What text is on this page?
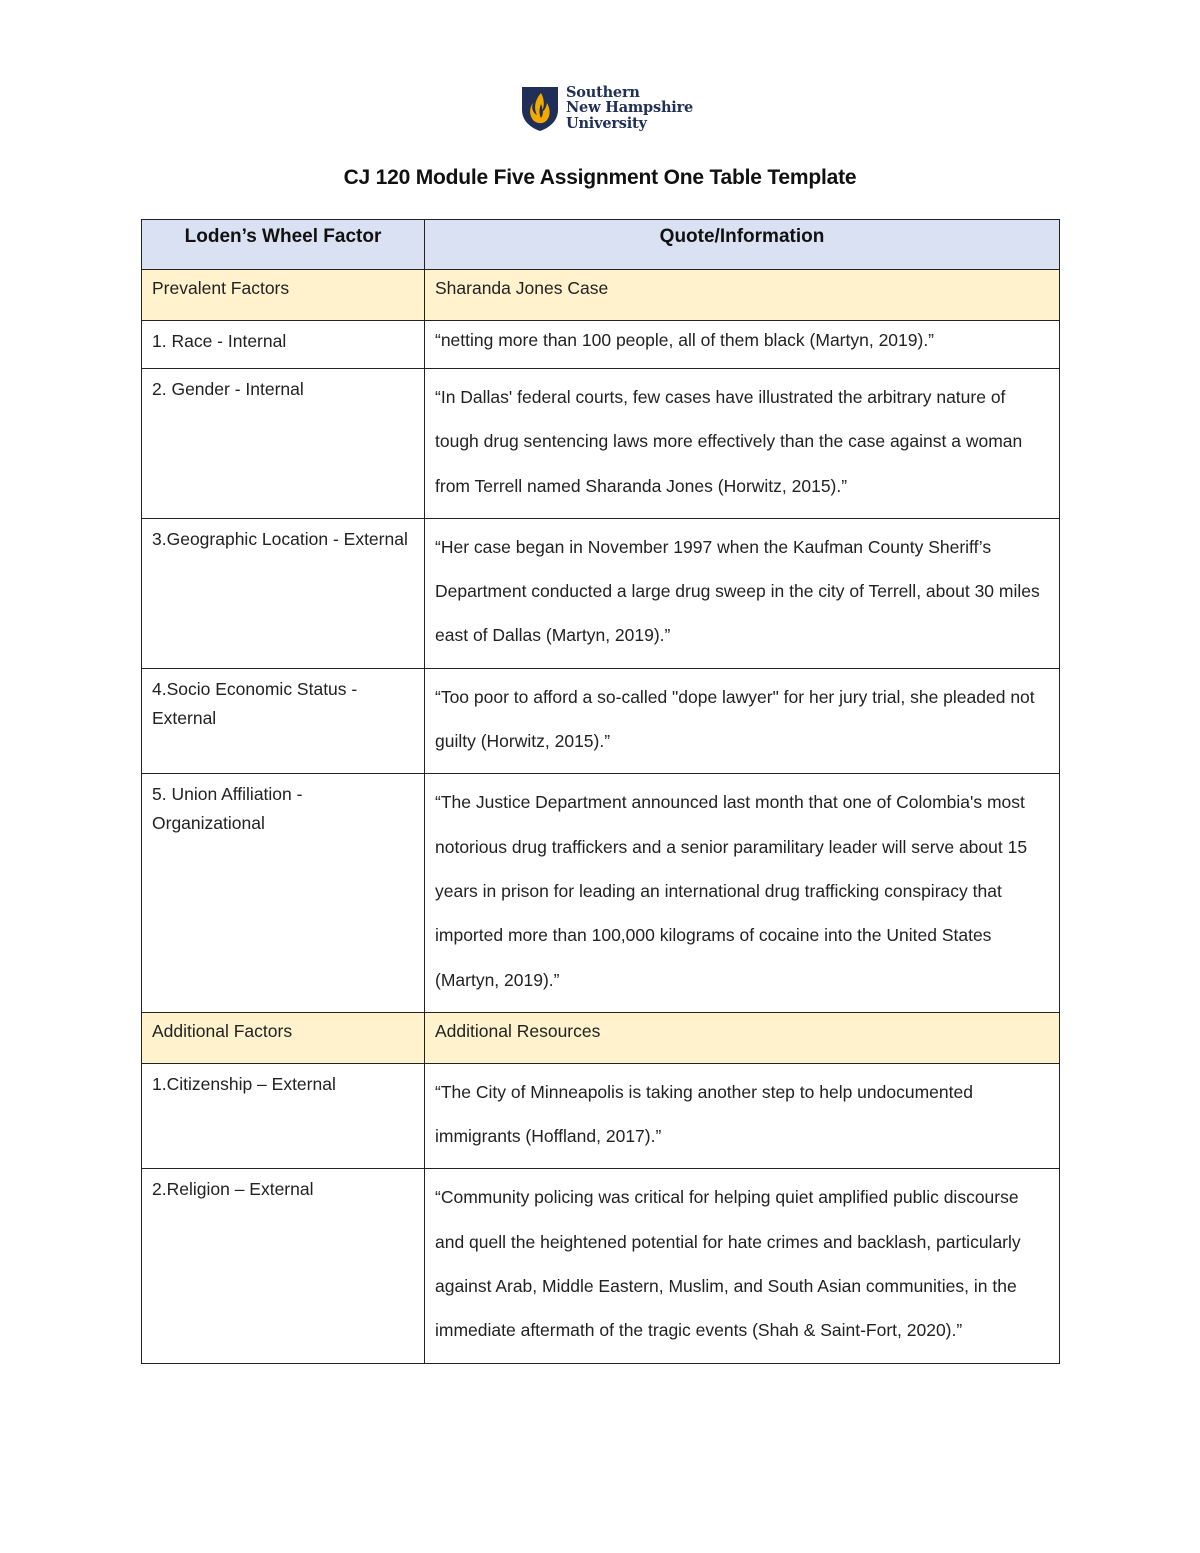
Southern
New Hampshire
University
CJ 120 Module Five Assignment One Table Template
Loden’s Wheel Factor	Quote/Information
Prevalent Factors	Sharanda Jones Case
1. Race - Internal	“netting more than 100 people, all of them black (Martyn, 2019).”
2. Gender - Internal	“In Dallas' federal courts, few cases have illustrated the arbitrary nature of tough drug sentencing laws more effectively than the case against a woman from Terrell named Sharanda Jones (Horwitz, 2015).”
3.Geographic Location - External	“Her case began in November 1997 when the Kaufman County Sheriff’s Department conducted a large drug sweep in the city of Terrell, about 30 miles east of Dallas (Martyn, 2019).”
4.Socio Economic Status - External	“Too poor to afford a so-called "dope lawyer" for her jury trial, she pleaded not guilty (Horwitz, 2015).”
5. Union Affiliation - Organizational	“The Justice Department announced last month that one of Colombia's most notorious drug traffickers and a senior paramilitary leader will serve about 15 years in prison for leading an international drug trafficking conspiracy that imported more than 100,000 kilograms of cocaine into the United States (Martyn, 2019).”
Additional Factors	Additional Resources
1.Citizenship – External	“The City of Minneapolis is taking another step to help undocumented immigrants (Hoffland, 2017).”
2.Religion – External	“Community policing was critical for helping quiet amplified public discourse and quell the heightened potential for hate crimes and backlash, particularly against Arab, Middle Eastern, Muslim, and South Asian communities, in the immediate aftermath of the tragic events (Shah & Saint-Fort, 2020).”
